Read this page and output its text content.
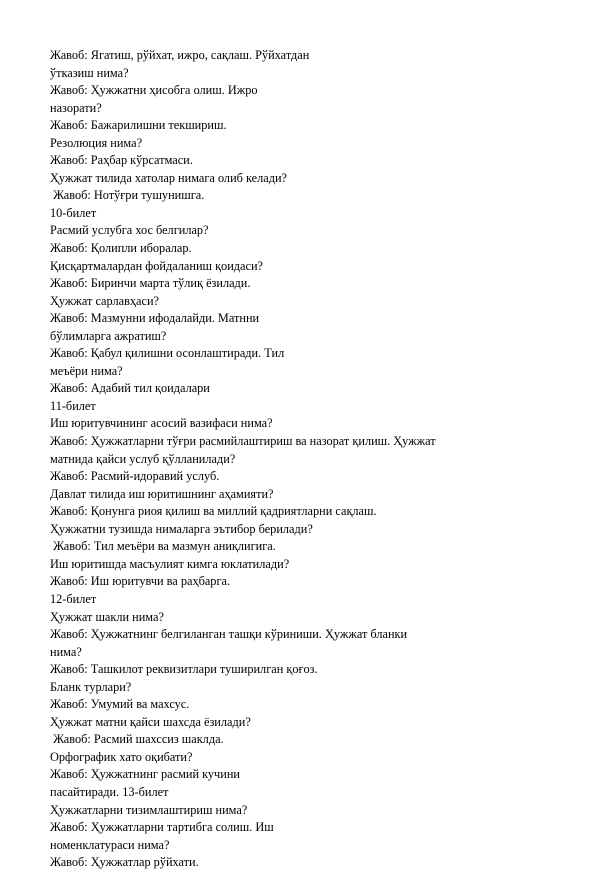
Жавоб: Ягатиш, рўйхат, ижро, сақлаш. Рўйхатдан
ўтказиш нима?
Жавоб: Ҳужжатни ҳисобга олиш. Ижро
назорати?
Жавоб: Бажарилишни текшириш.
Резолюция нима?
Жавоб: Раҳбар кўрсатмаси.
Ҳужжат тилида хатолар нимага олиб келади?
Жавоб: Нотўғри тушунишга.
10-билет
Расмий услубга хос белгилар?
Жавоб: Қолипли иборалар.
Қисқартмалардан фойдаланиш қоидаси?
Жавоб: Биринчи марта тўлиқ ёзилади.
Ҳужжат сарлавҳаси?
Жавоб: Мазмунни ифодалайди. Матнни
бўлимларга ажратиш?
Жавоб: Қабул қилишни осонлаштиради. Тил
меъёри нима?
Жавоб: Адабий тил қоидалари
11-билет
Иш юритувчининг асосий вазифаси нима?
Жавоб: Ҳужжатларни тўғри расмийлаштириш ва назорат қилиш. Ҳужжат
матнида қайси услуб қўлланилади?
Жавоб: Расмий-идоравий услуб.
Давлат тилида иш юритишнинг аҳамияти?
Жавоб: Қонунга риоя қилиш ва миллий қадриятларни сақлаш.
Ҳужжатни тузишда нималарга эътибор берилади?
Жавоб: Тил меъёри ва мазмун аниқлигига.
Иш юритишда масъулият кимга юклатилади?
Жавоб: Иш юритувчи ва раҳбарга.
12-билет
Ҳужжат шакли нима?
Жавоб: Ҳужжатнинг белгиланган ташқи кўриниши. Ҳужжат бланки
нима?
Жавоб: Ташкилот реквизитлари туширилган қоғоз.
Бланк турлари?
Жавоб: Умумий ва махсус.
Ҳужжат матни қайси шахсда ёзилади?
Жавоб: Расмий шахссиз шаклда.
Орфографик хато оқибати?
Жавоб: Ҳужжатнинг расмий кучини
пасайтиради. 13-билет
Ҳужжатларни тизимлаштириш нима?
Жавоб: Ҳужжатларни тартибга солиш. Иш
номенклатураси нима?
Жавоб: Ҳужжатлар рўйхати.
